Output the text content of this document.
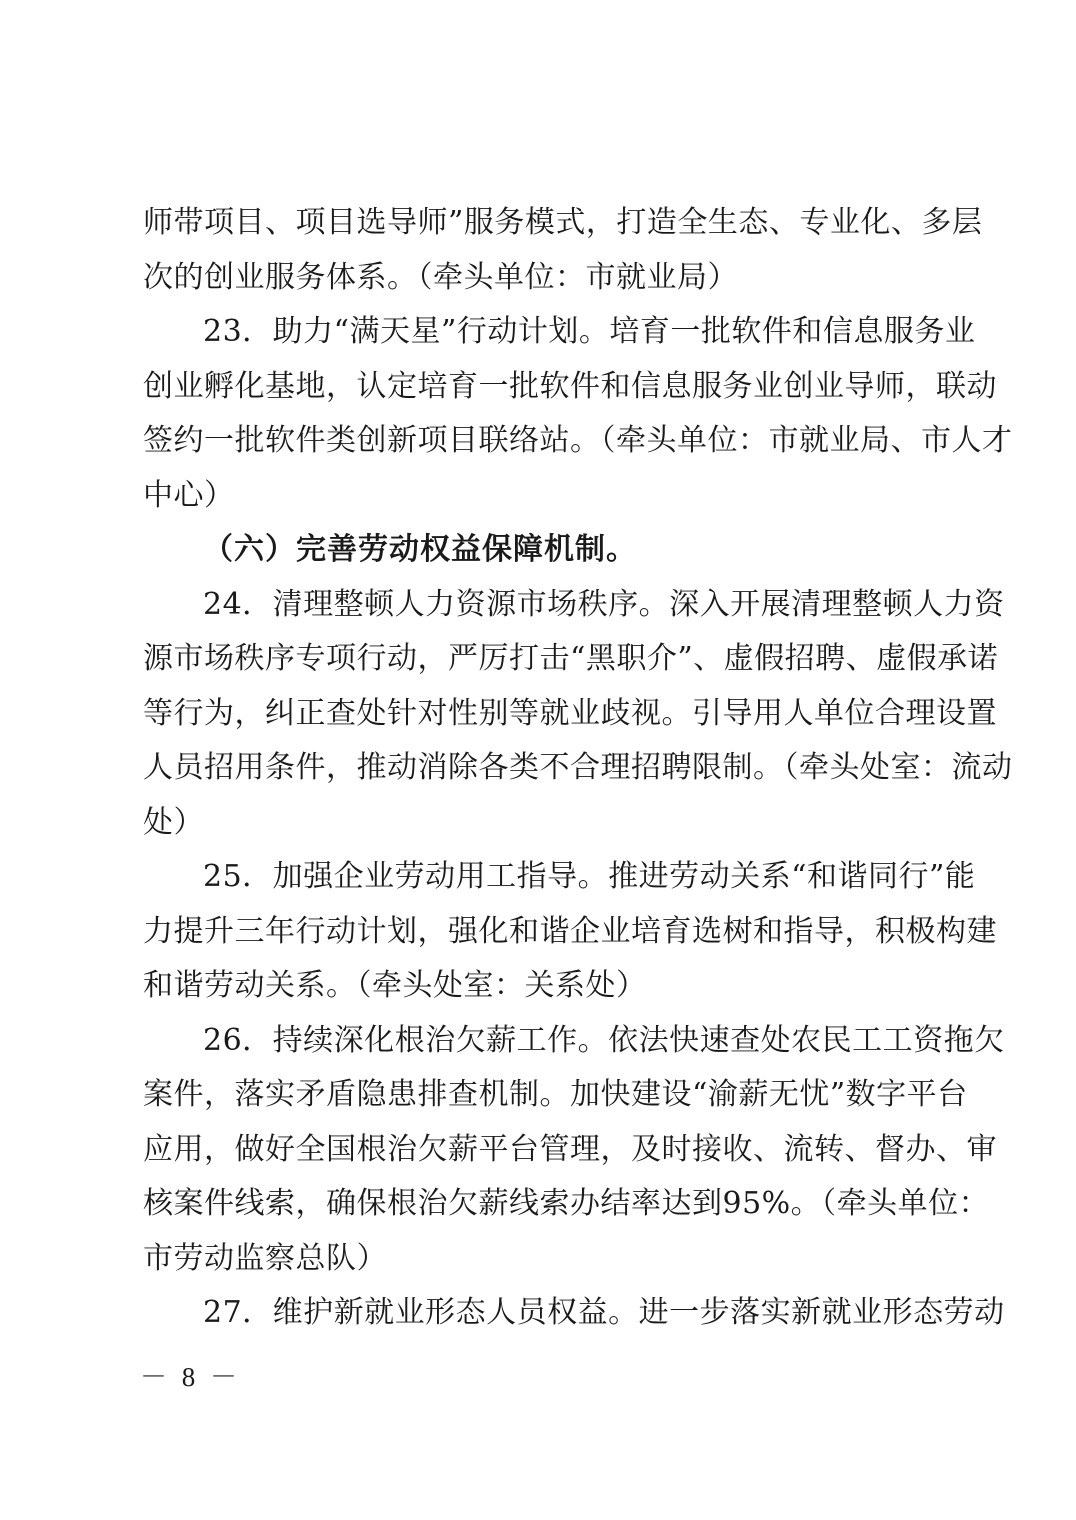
师带项目、项目选导师”服务模式，打造全生态、专业化、多层
次的创业服务体系。（牵头单位：市就业局）
23．助力“满天星”行动计划。培育一批软件和信息服务业
创业孵化基地，认定培育一批软件和信息服务业创业导师，联动
签约一批软件类创新项目联络站。（牵头单位：市就业局、市人才
中心）
（六）完善劳动权益保障机制。
24．清理整顿人力资源市场秩序。深入开展清理整顿人力资
源市场秩序专项行动，严厉打击“黑职介”、虚假招聘、虚假承诺
等行为，纠正查处针对性别等就业歧视。引导用人单位合理设置
人员招用条件，推动消除各类不合理招聘限制。（牵头处室：流动
处）
25．加强企业劳动用工指导。推进劳动关系“和谐同行”能
力提升三年行动计划，强化和谐企业培育选树和指导，积极构建
和谐劳动关系。（牵头处室：关系处）
26．持续深化根治欠薪工作。依法快速查处农民工工资拖欠
案件，落实矛盾隐患排查机制。加快建设“渝薪无忧”数字平台
应用，做好全国根治欠薪平台管理，及时接收、流转、督办、审
核案件线索，确保根治欠薪线索办结率达到95%。（牵头单位：
市劳动监察总队）
27．维护新就业形态人员权益。进一步落实新就业形态劳动
－ 8 －
